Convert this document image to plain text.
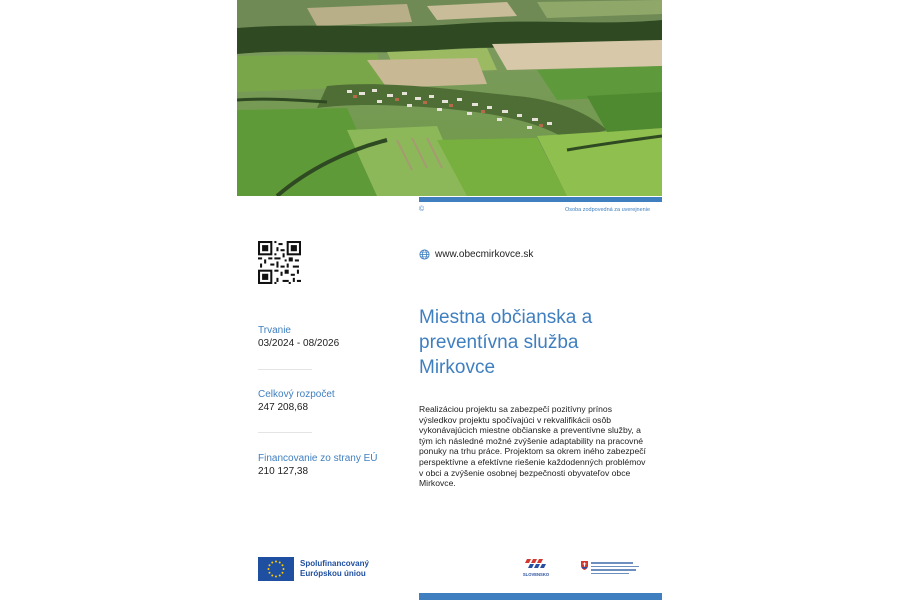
©	Osoba zodpovedná za uverejnenie
www.obecmirkovce.sk
Miestna občianska a
preventívna služba
Mirkovce
Realizáciou projektu sa zabezpečí pozitívny prínos výsledkov projektu spočívajúci v rekvalifikácii osôb vykonávajúcich miestne občianske a preventívne služby, a tým ich následné možné zvýšenie adaptability na pracovné ponuky na trhu práce. Projektom sa okrem iného zabezpečí perspektívne a efektívne riešenie každodenných problémov v obci a zvýšenie osobnej bezpečnosti obyvateľov obce Mirkovce.
Trvanie
03/2024 - 08/2026
Celkový rozpočet
247 208,68
Financovanie zo strany EÚ
210 127,38
Spolufinancovaný
Európskou úniou	SLOVENSKO
